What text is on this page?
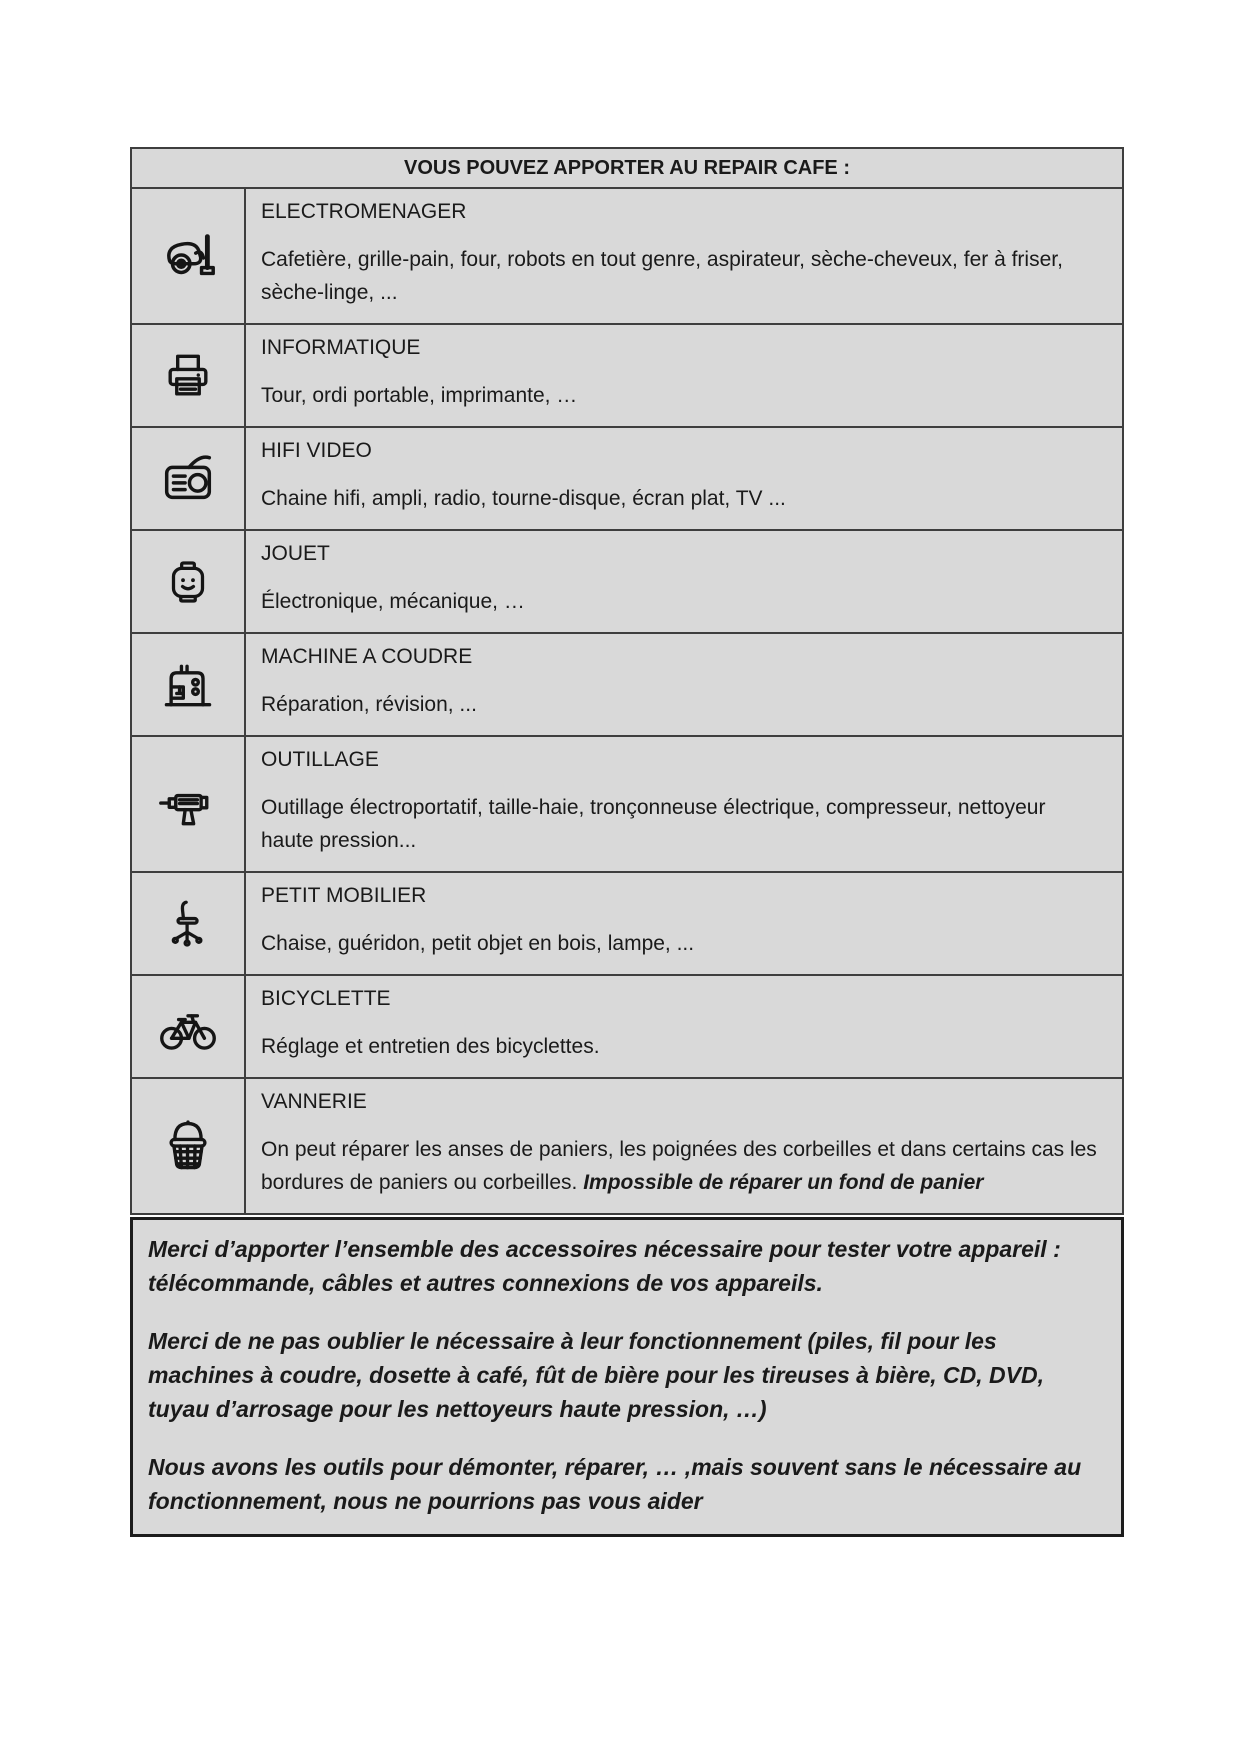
VOUS POUVEZ APPORTER AU REPAIR CAFE :

ELECTROMENAGER

Cafetière, grille-pain, four, robots en tout genre, aspirateur, sèche-cheveux, fer à friser, sèche-linge, ...

INFORMATIQUE

Tour, ordi portable, imprimante, …

HIFI VIDEO

Chaine hifi, ampli, radio, tourne-disque, écran plat, TV ...

JOUET

Électronique, mécanique, …

MACHINE A COUDRE

Réparation, révision, ...

OUTILLAGE

Outillage électroportatif, taille-haie, tronçonneuse électrique, compresseur, nettoyeur haute pression...

PETIT MOBILIER

Chaise, guéridon, petit objet en bois, lampe, ...

BICYCLETTE

Réglage et entretien des bicyclettes.

VANNERIE

On peut réparer les anses de paniers, les poignées des corbeilles et dans certains cas les bordures de paniers ou corbeilles. Impossible de réparer un fond de panier

Merci d’apporter l’ensemble des accessoires nécessaire pour tester votre appareil : télécommande, câbles et autres connexions de vos appareils.

Merci de ne pas oublier le nécessaire à leur fonctionnement (piles, fil pour les machines à coudre, dosette à café, fût de bière pour les tireuses à bière, CD, DVD, tuyau d’arrosage pour les nettoyeurs haute pression, …)

Nous avons les outils pour démonter, réparer, … ,mais souvent sans le nécessaire au fonctionnement, nous ne pourrions pas vous aider
